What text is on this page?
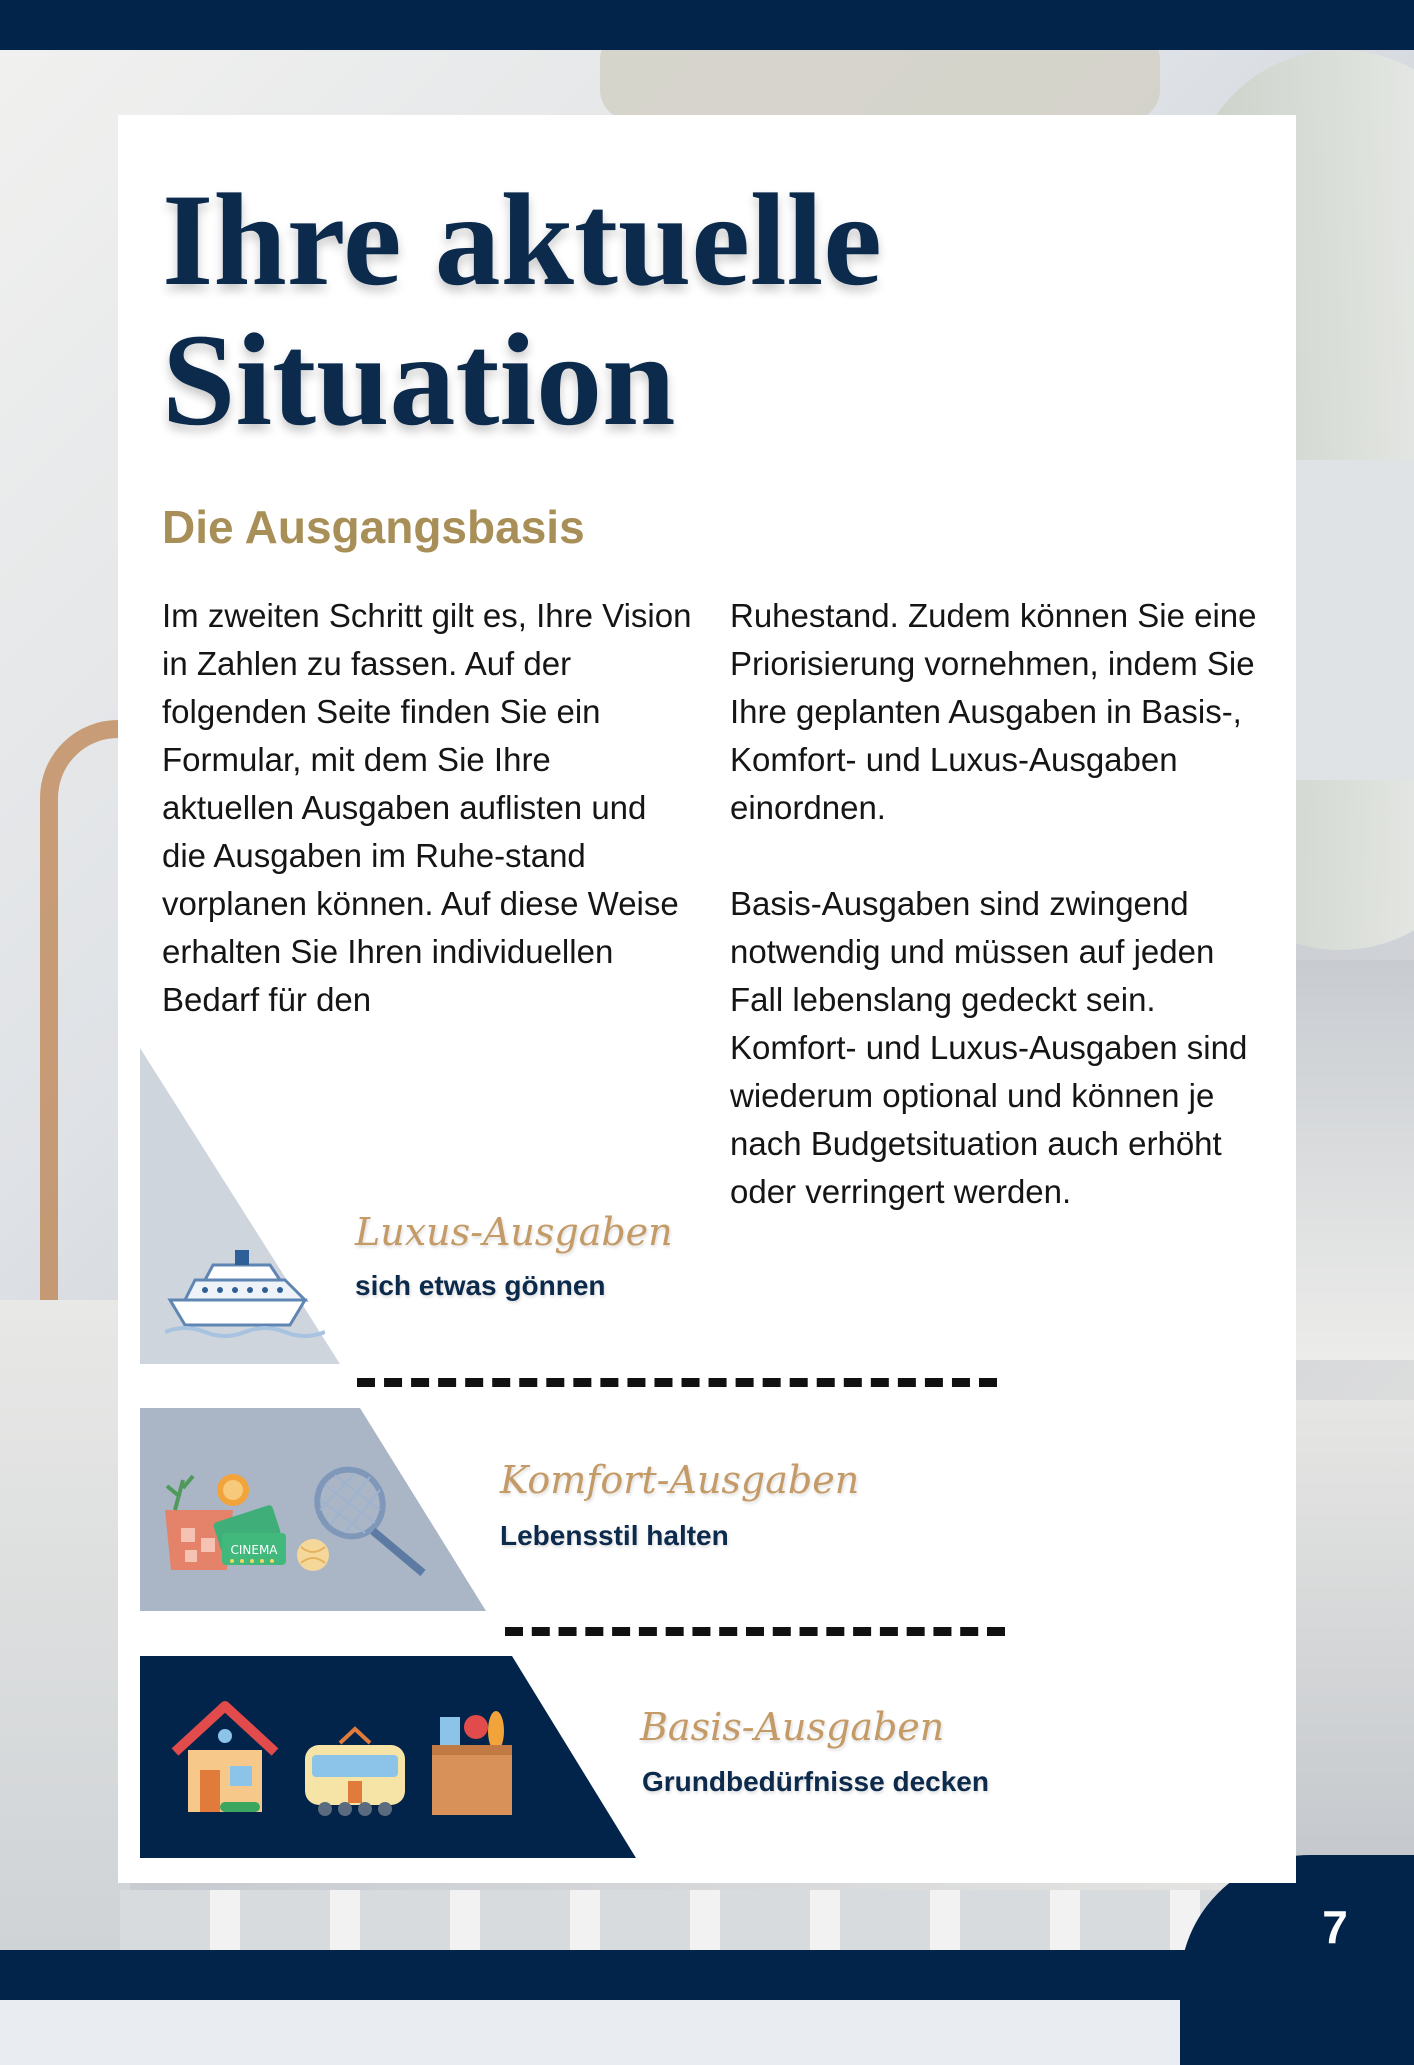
7
Ihre aktuelle
Situation
Die Ausgangsbasis

Im zweiten Schritt gilt es, Ihre Vision in Zahlen zu fassen. Auf der folgenden Seite finden Sie ein Formular, mit dem Sie Ihre aktuellen Ausgaben auflisten und die Ausgaben im Ruhe-stand vorplanen können. Auf diese Weise erhalten Sie Ihren individuellen Bedarf für den

Ruhestand. Zudem können Sie eine Priorisierung vornehmen, indem Sie Ihre geplanten Ausgaben in Basis-, Komfort- und Luxus-Ausgaben einordnen.

Basis-Ausgaben sind zwingend notwendig und müssen auf jeden Fall lebenslang gedeckt sein. Komfort- und Luxus-Ausgaben sind wiederum optional und können je nach Budgetsituation auch erhöht oder verringert werden.

Luxus-Ausgaben

sich etwas gönnen

CINEMA

Komfort-Ausgaben

Lebensstil halten

Basis-Ausgaben

Grundbedürfnisse decken
